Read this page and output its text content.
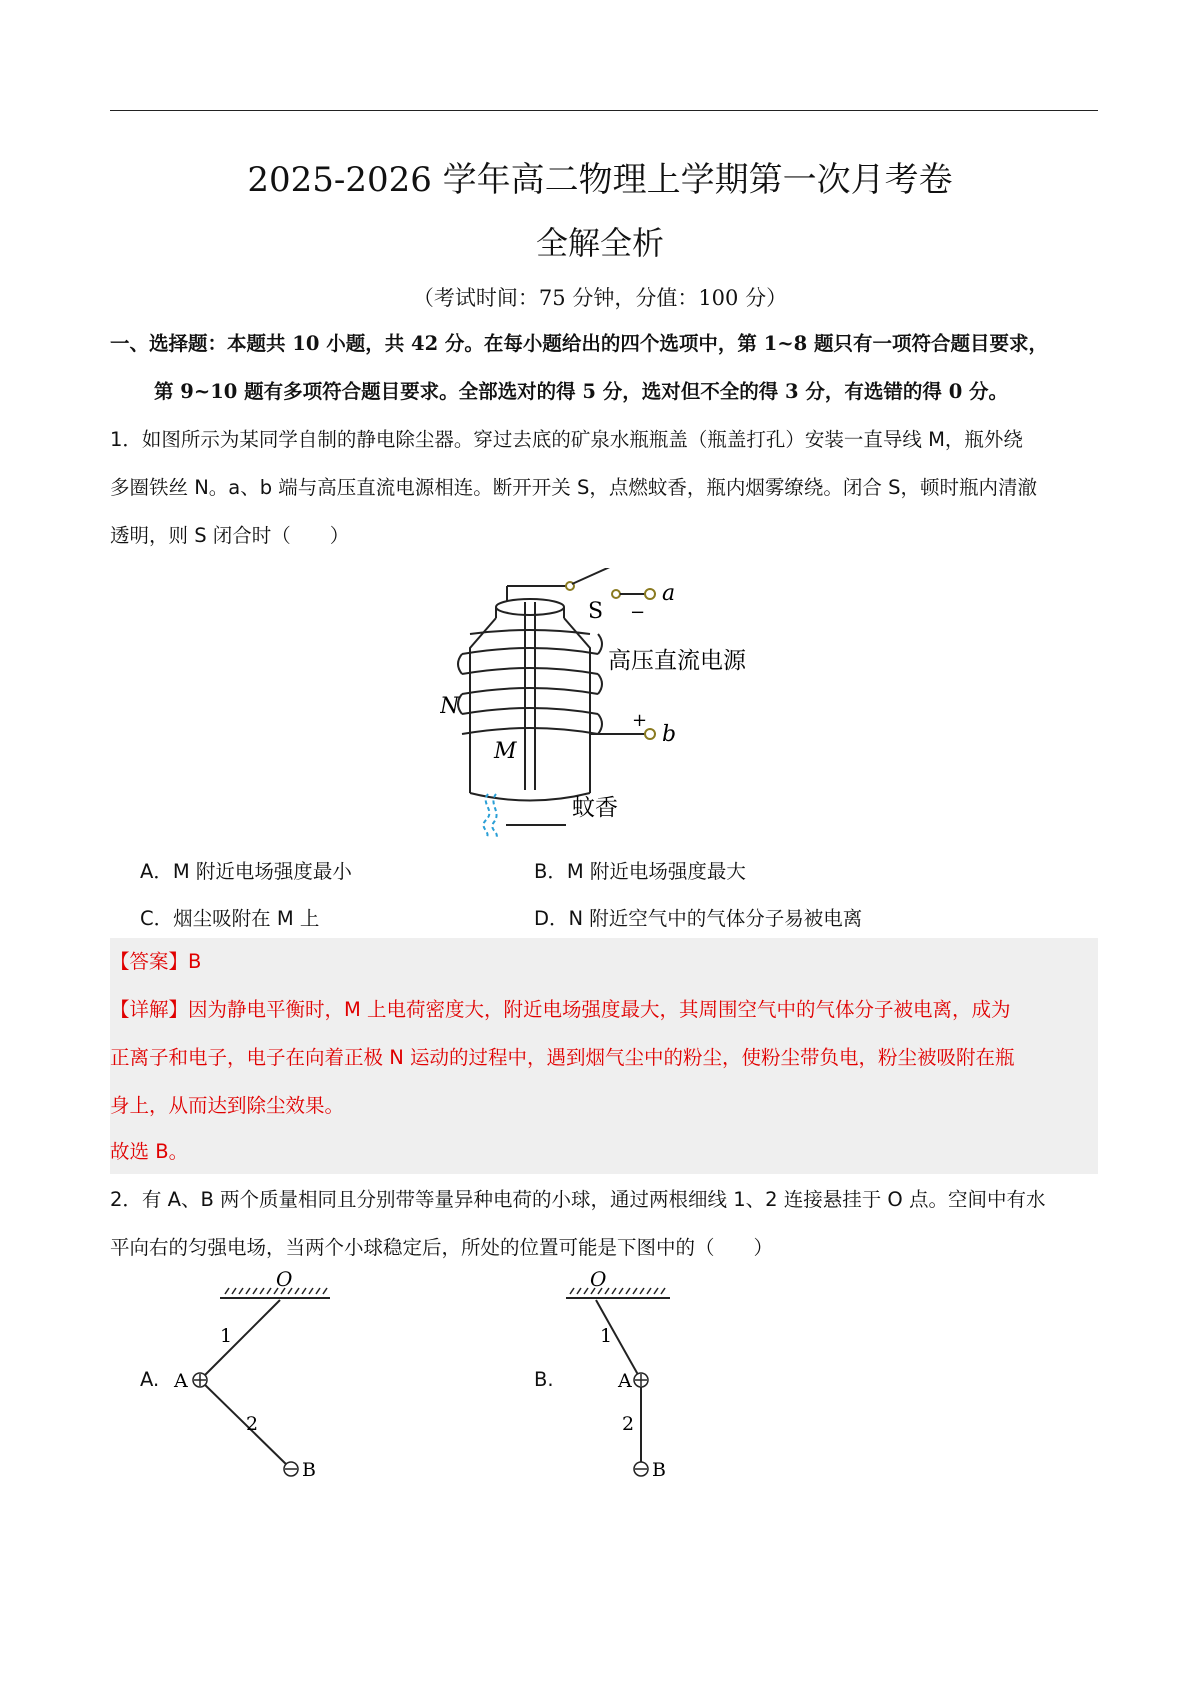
2025-2026 学年高二物理上学期第一次月考卷
全解全析
（考试时间：75 分钟，分值：100 分）
一、选择题：本题共 10 小题，共 42 分。在每小题给出的四个选项中，第 1~8 题只有一项符合题目要求，
第 9~10 题有多项符合题目要求。全部选对的得 5 分，选对但不全的得 3 分，有选错的得 0 分。
1．如图所示为某同学自制的静电除尘器。穿过去底的矿泉水瓶瓶盖（瓶盖打孔）安装一直导线 M，瓶外绕
多圈铁丝 N。a、b 端与高压直流电源相连。断开开关 S，点燃蚊香，瓶内烟雾缭绕。闭合 S，顿时瓶内清澈
透明，则 S 闭合时（　　）
a
S −
b
+
高压直流电源
N
M
蚊香
A．M 附近电场强度最小	B．M 附近电场强度最大
C．烟尘吸附在 M 上	D．N 附近空气中的气体分子易被电离
【答案】B
【详解】因为静电平衡时，M 上电荷密度大，附近电场强度最大，其周围空气中的气体分子被电离，成为
正离子和电子，电子在向着正极 N 运动的过程中，遇到烟气尘中的粉尘，使粉尘带负电，粉尘被吸附在瓶
身上，从而达到除尘效果。
故选 B。
2．有 A、B 两个质量相同且分别带等量异种电荷的小球，通过两根细线 1、2 连接悬挂于 O 点。空间中有水
平向右的匀强电场，当两个小球稳定后，所处的位置可能是下图中的（　　）
A.
O
1
2
A
B
B.
O
1
2
A
B
